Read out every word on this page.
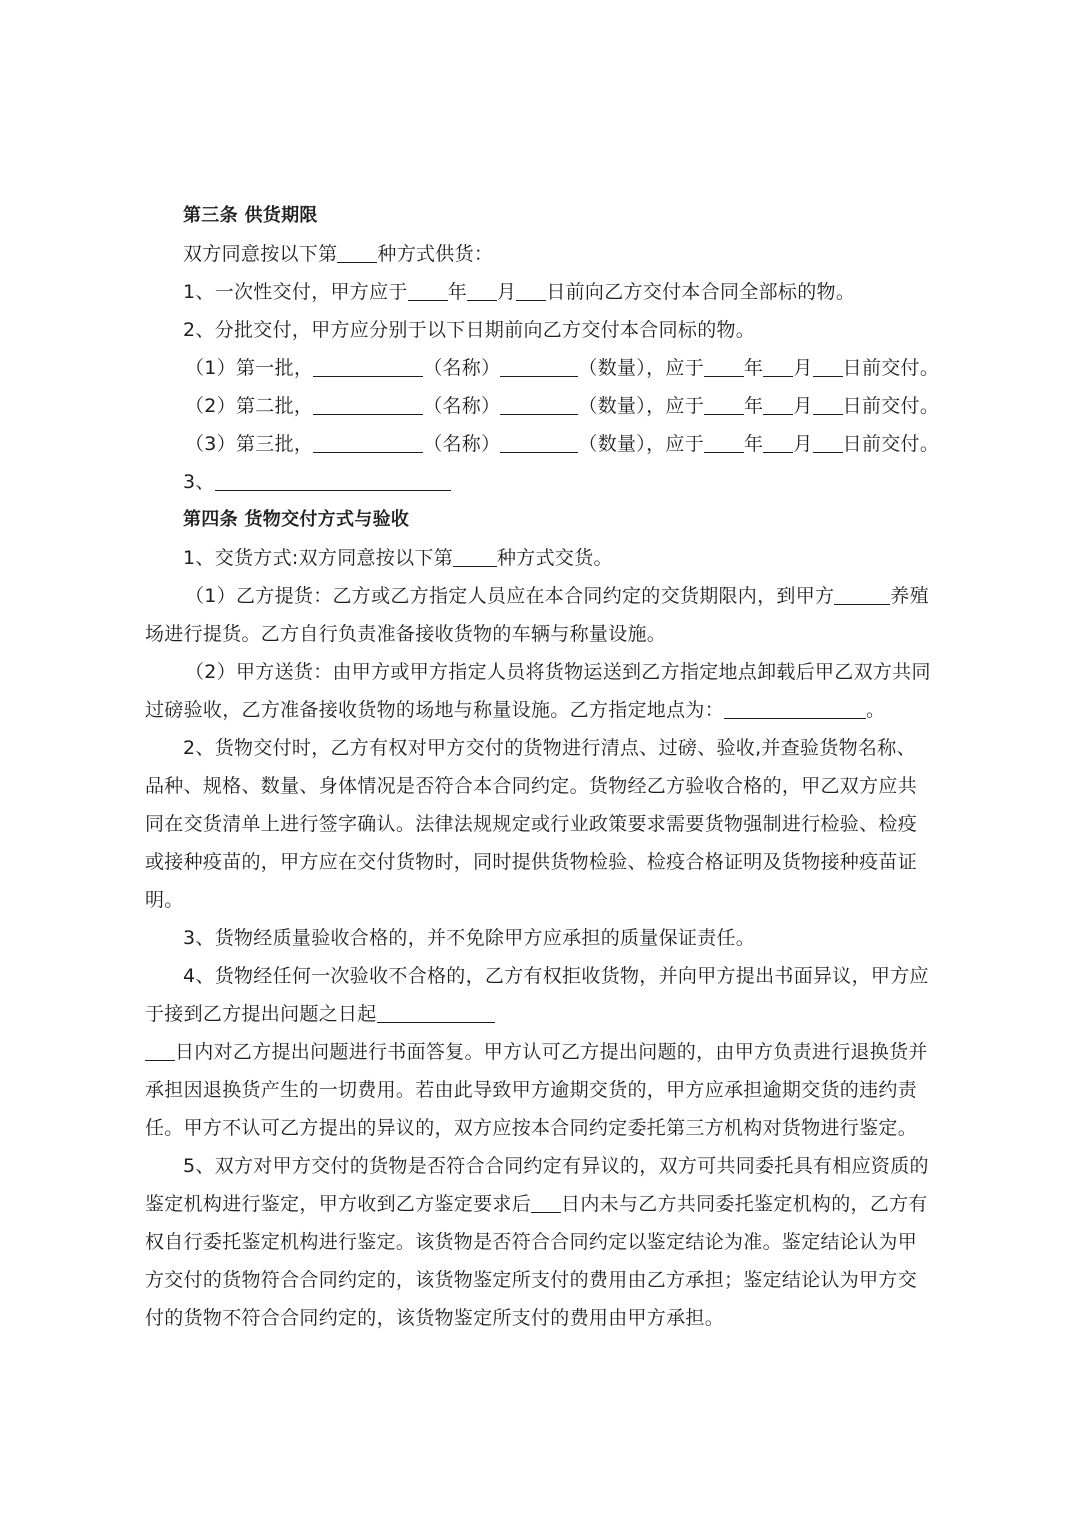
第三条 供货期限
双方同意按以下第 种方式供货：
1、一次性交付，甲方应于 年 月 日前向乙方交付本合同全部标的物。
2、分批交付，甲方应分别于以下日期前向乙方交付本合同标的物。
（1）第一批，	（名称）	（数量），应于 年 月 日前交付。
（2）第二批，	（名称）	（数量），应于 年 月 日前交付。
（3）第三批，	（名称）	（数量），应于 年 月 日前交付。
3、
第四条 货物交付方式与验收
1、交货方式:双方同意按以下第 种方式交货。
（1）乙方提货：乙方或乙方指定人员应在本合同约定的交货期限内，到甲方	养殖
场进行提货。乙方自行负责准备接收货物的车辆与称量设施。
（2）甲方送货：由甲方或甲方指定人员将货物运送到乙方指定地点卸载后甲乙双方共同
过磅验收，乙方准备接收货物的场地与称量设施。乙方指定地点为：	。
2、货物交付时，乙方有权对甲方交付的货物进行清点、过磅、验收,并查验货物名称、
品种、规格、数量、身体情况是否符合本合同约定。货物经乙方验收合格的，甲乙双方应共
同在交货清单上进行签字确认。法律法规规定或行业政策要求需要货物强制进行检验、检疫
或接种疫苗的，甲方应在交付货物时，同时提供货物检验、检疫合格证明及货物接种疫苗证
明。
3、货物经质量验收合格的，并不免除甲方应承担的质量保证责任。
4、货物经任何一次验收不合格的，乙方有权拒收货物，并向甲方提出书面异议，甲方应
于接到乙方提出问题之日起
日内对乙方提出问题进行书面答复。甲方认可乙方提出问题的，由甲方负责进行退换货并
承担因退换货产生的一切费用。若由此导致甲方逾期交货的，甲方应承担逾期交货的违约责
任。甲方不认可乙方提出的异议的，双方应按本合同约定委托第三方机构对货物进行鉴定。
5、双方对甲方交付的货物是否符合合同约定有异议的，双方可共同委托具有相应资质的
鉴定机构进行鉴定，甲方收到乙方鉴定要求后 日内未与乙方共同委托鉴定机构的，乙方有
权自行委托鉴定机构进行鉴定。该货物是否符合合同约定以鉴定结论为准。鉴定结论认为甲
方交付的货物符合合同约定的，该货物鉴定所支付的费用由乙方承担；鉴定结论认为甲方交
付的货物不符合合同约定的，该货物鉴定所支付的费用由甲方承担。
